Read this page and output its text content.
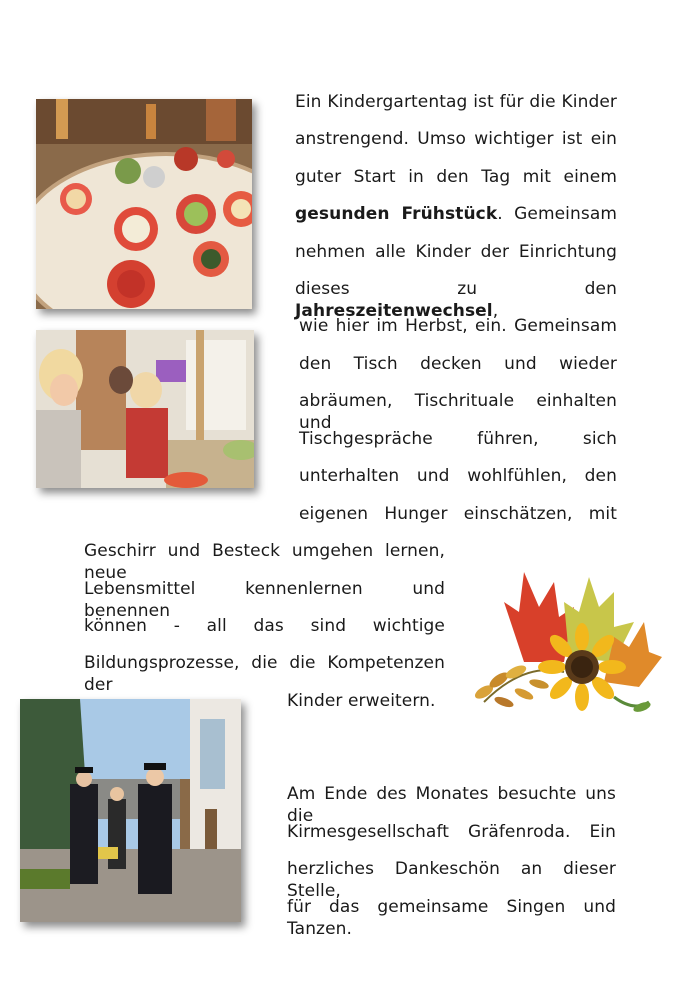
Ein Kindergartentag ist für die Kinder
anstrengend. Umso wichtiger ist ein
guter Start in den Tag mit einem
gesunden Frühstück. Gemeinsam
nehmen alle Kinder der Einrichtung
dieses zu den Jahreszeitenwechsel,
wie hier im Herbst, ein. Gemeinsam
den Tisch decken und wieder
abräumen, Tischrituale einhalten und
Tischgespräche führen, sich
unterhalten und wohlfühlen, den
eigenen Hunger einschätzen, mit
Geschirr und Besteck umgehen lernen, neue
Lebensmittel kennenlernen und benennen
können - all das sind wichtige
Bildungsprozesse, die die Kompetenzen der
Kinder erweitern.
Am Ende des Monates besuchte uns die
Kirmesgesellschaft Gräfenroda. Ein
herzliches Dankeschön an dieser Stelle,
für das gemeinsame Singen und Tanzen.
